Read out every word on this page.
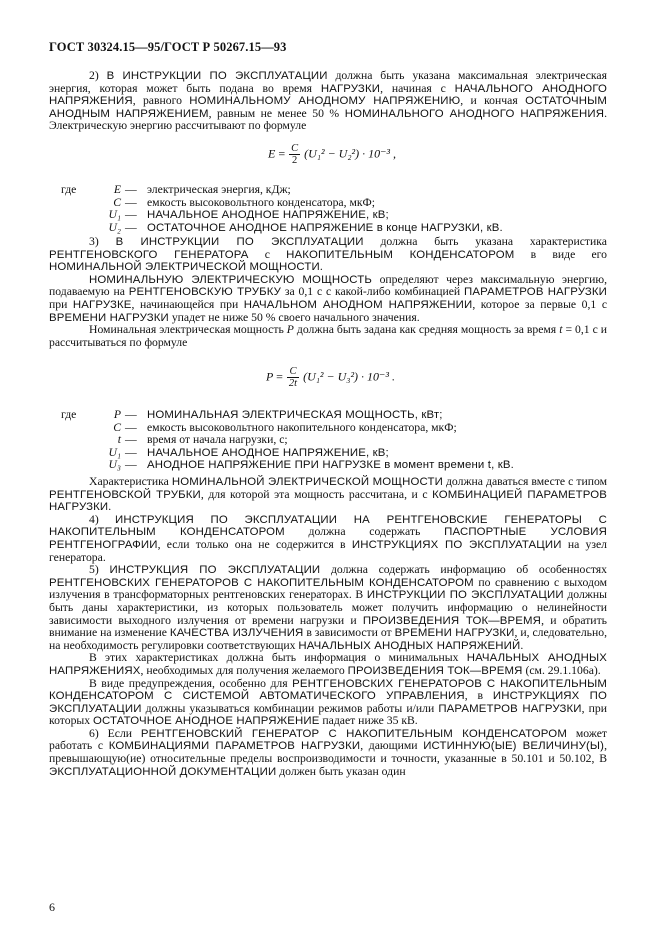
ГОСТ 30324.15—95/ГОСТ Р 50267.15—93

2) В ИНСТРУКЦИИ ПО ЭКСПЛУАТАЦИИ должна быть указана максимальная электрическая энергия, которая может быть подана во время НАГРУЗКИ, начиная с НАЧАЛЬНОГО АНОДНОГО НАПРЯЖЕНИЯ, равного НОМИНАЛЬНОМУ АНОДНОМУ НАПРЯЖЕНИЮ, и кончая ОСТАТОЧНЫМ АНОДНЫМ НАПРЯЖЕНИЕМ, равным не менее 50 % НОМИНАЛЬНОГО АНОДНОГО НАПРЯЖЕНИЯ. Электрическую энергию рассчитывают по формуле

$E = \frac{C}{2} (U_1^2 - U_2^2) \cdot 10^{-3}$ ,
где	E — электрическая энергия, кДж;
C — емкость высоковольтного конденсатора, мкФ;
U₁ — НАЧАЛЬНОЕ АНОДНОЕ НАПРЯЖЕНИЕ, кВ;
U₂ — ОСТАТОЧНОЕ АНОДНОЕ НАПРЯЖЕНИЕ в конце НАГРУЗКИ, кВ.

3) В ИНСТРУКЦИИ ПО ЭКСПЛУАТАЦИИ должна быть указана характеристика РЕНТГЕНОВСКОГО ГЕНЕРАТОРА с НАКОПИТЕЛЬНЫМ КОНДЕНСАТОРОМ в виде его НОМИНАЛЬНОЙ ЭЛЕКТРИЧЕСКОЙ МОЩНОСТИ.

НОМИНАЛЬНУЮ ЭЛЕКТРИЧЕСКУЮ МОЩНОСТЬ определяют через максимальную энергию, подаваемую на РЕНТГЕНОВСКУЮ ТРУБКУ за 0,1 с с какой-либо комбинацией ПАРАМЕТРОВ НАГРУЗКИ при НАГРУЗКЕ, начинающейся при НАЧАЛЬНОМ АНОДНОМ НАПРЯЖЕНИИ, которое за первые 0,1 с ВРЕМЕНИ НАГРУЗКИ упадет не ниже 50 % своего начального значения.

Номинальная электрическая мощность P должна быть задана как средняя мощность за время t = 0,1 с и рассчитываться по формуле

$P = \frac{C}{2t} (U_1^2 - U_3^2) \cdot 10^{-3}$ .
где	P — НОМИНАЛЬНАЯ ЭЛЕКТРИЧЕСКАЯ МОЩНОСТЬ, кВт;
C — емкость высоковольтного накопительного конденсатора, мкФ;
t — время от начала нагрузки, с;
U₁ — НАЧАЛЬНОЕ АНОДНОЕ НАПРЯЖЕНИЕ, кВ;
U₃ — АНОДНОЕ НАПРЯЖЕНИЕ ПРИ НАГРУЗКЕ в момент времени t, кВ.

Характеристика НОМИНАЛЬНОЙ ЭЛЕКТРИЧЕСКОЙ МОЩНОСТИ должна даваться вместе с типом РЕНТГЕНОВСКОЙ ТРУБКИ, для которой эта мощность рассчитана, и с КОМБИНАЦИЕЙ ПАРАМЕТРОВ НАГРУЗКИ.

4) ИНСТРУКЦИЯ ПО ЭКСПЛУАТАЦИИ НА РЕНТГЕНОВСКИЕ ГЕНЕРАТОРЫ С НАКОПИТЕЛЬНЫМ КОНДЕНСАТОРОМ должна содержать ПАСПОРТНЫЕ УСЛОВИЯ РЕНТГЕНОГРАФИИ, если только она не содержится в ИНСТРУКЦИЯХ ПО ЭКСПЛУАТАЦИИ на узел генератора.

5) ИНСТРУКЦИЯ ПО ЭКСПЛУАТАЦИИ должна содержать информацию об особенностях РЕНТГЕНОВСКИХ ГЕНЕРАТОРОВ С НАКОПИТЕЛЬНЫМ КОНДЕНСАТОРОМ по сравнению с выходом излучения в трансформаторных рентгеновских генераторах. В ИНСТРУКЦИИ ПО ЭКСПЛУАТАЦИИ должны быть даны характеристики, из которых пользователь может получить информацию о нелинейности зависимости выходного излучения от времени нагрузки и ПРОИЗВЕДЕНИЯ ТОК—ВРЕМЯ, и обратить внимание на изменение КАЧЕСТВА ИЗЛУЧЕНИЯ в зависимости от ВРЕМЕНИ НАГРУЗКИ, и, следовательно, на необходимость регулировки соответствующих НАЧАЛЬНЫХ АНОДНЫХ НАПРЯЖЕНИЙ.

В этих характеристиках должна быть информация о минимальных НАЧАЛЬНЫХ АНОДНЫХ НАПРЯЖЕНИЯХ, необходимых для получения желаемого ПРОИЗВЕДЕНИЯ ТОК—ВРЕМЯ (см. 29.1.106а).

В виде предупреждения, особенно для РЕНТГЕНОВСКИХ ГЕНЕРАТОРОВ С НАКОПИТЕЛЬНЫМ КОНДЕНСАТОРОМ С СИСТЕМОЙ АВТОМАТИЧЕСКОГО УПРАВЛЕНИЯ, в ИНСТРУКЦИЯХ ПО ЭКСПЛУАТАЦИИ должны указываться комбинации режимов работы и/или ПАРАМЕТРОВ НАГРУЗКИ, при которых ОСТАТОЧНОЕ АНОДНОЕ НАПРЯЖЕНИЕ падает ниже 35 кВ.

6) Если РЕНТГЕНОВСКИЙ ГЕНЕРАТОР С НАКОПИТЕЛЬНЫМ КОНДЕНСАТОРОМ может работать с КОМБИНАЦИЯМИ ПАРАМЕТРОВ НАГРУЗКИ, дающими ИСТИННУЮ(ЫЕ) ВЕЛИЧИНУ(Ы), превышающую(ие) относительные пределы воспроизводимости и точности, указанные в 50.101 и 50.102, В ЭКСПЛУАТАЦИОННОЙ ДОКУМЕНТАЦИИ должен быть указан один

6
